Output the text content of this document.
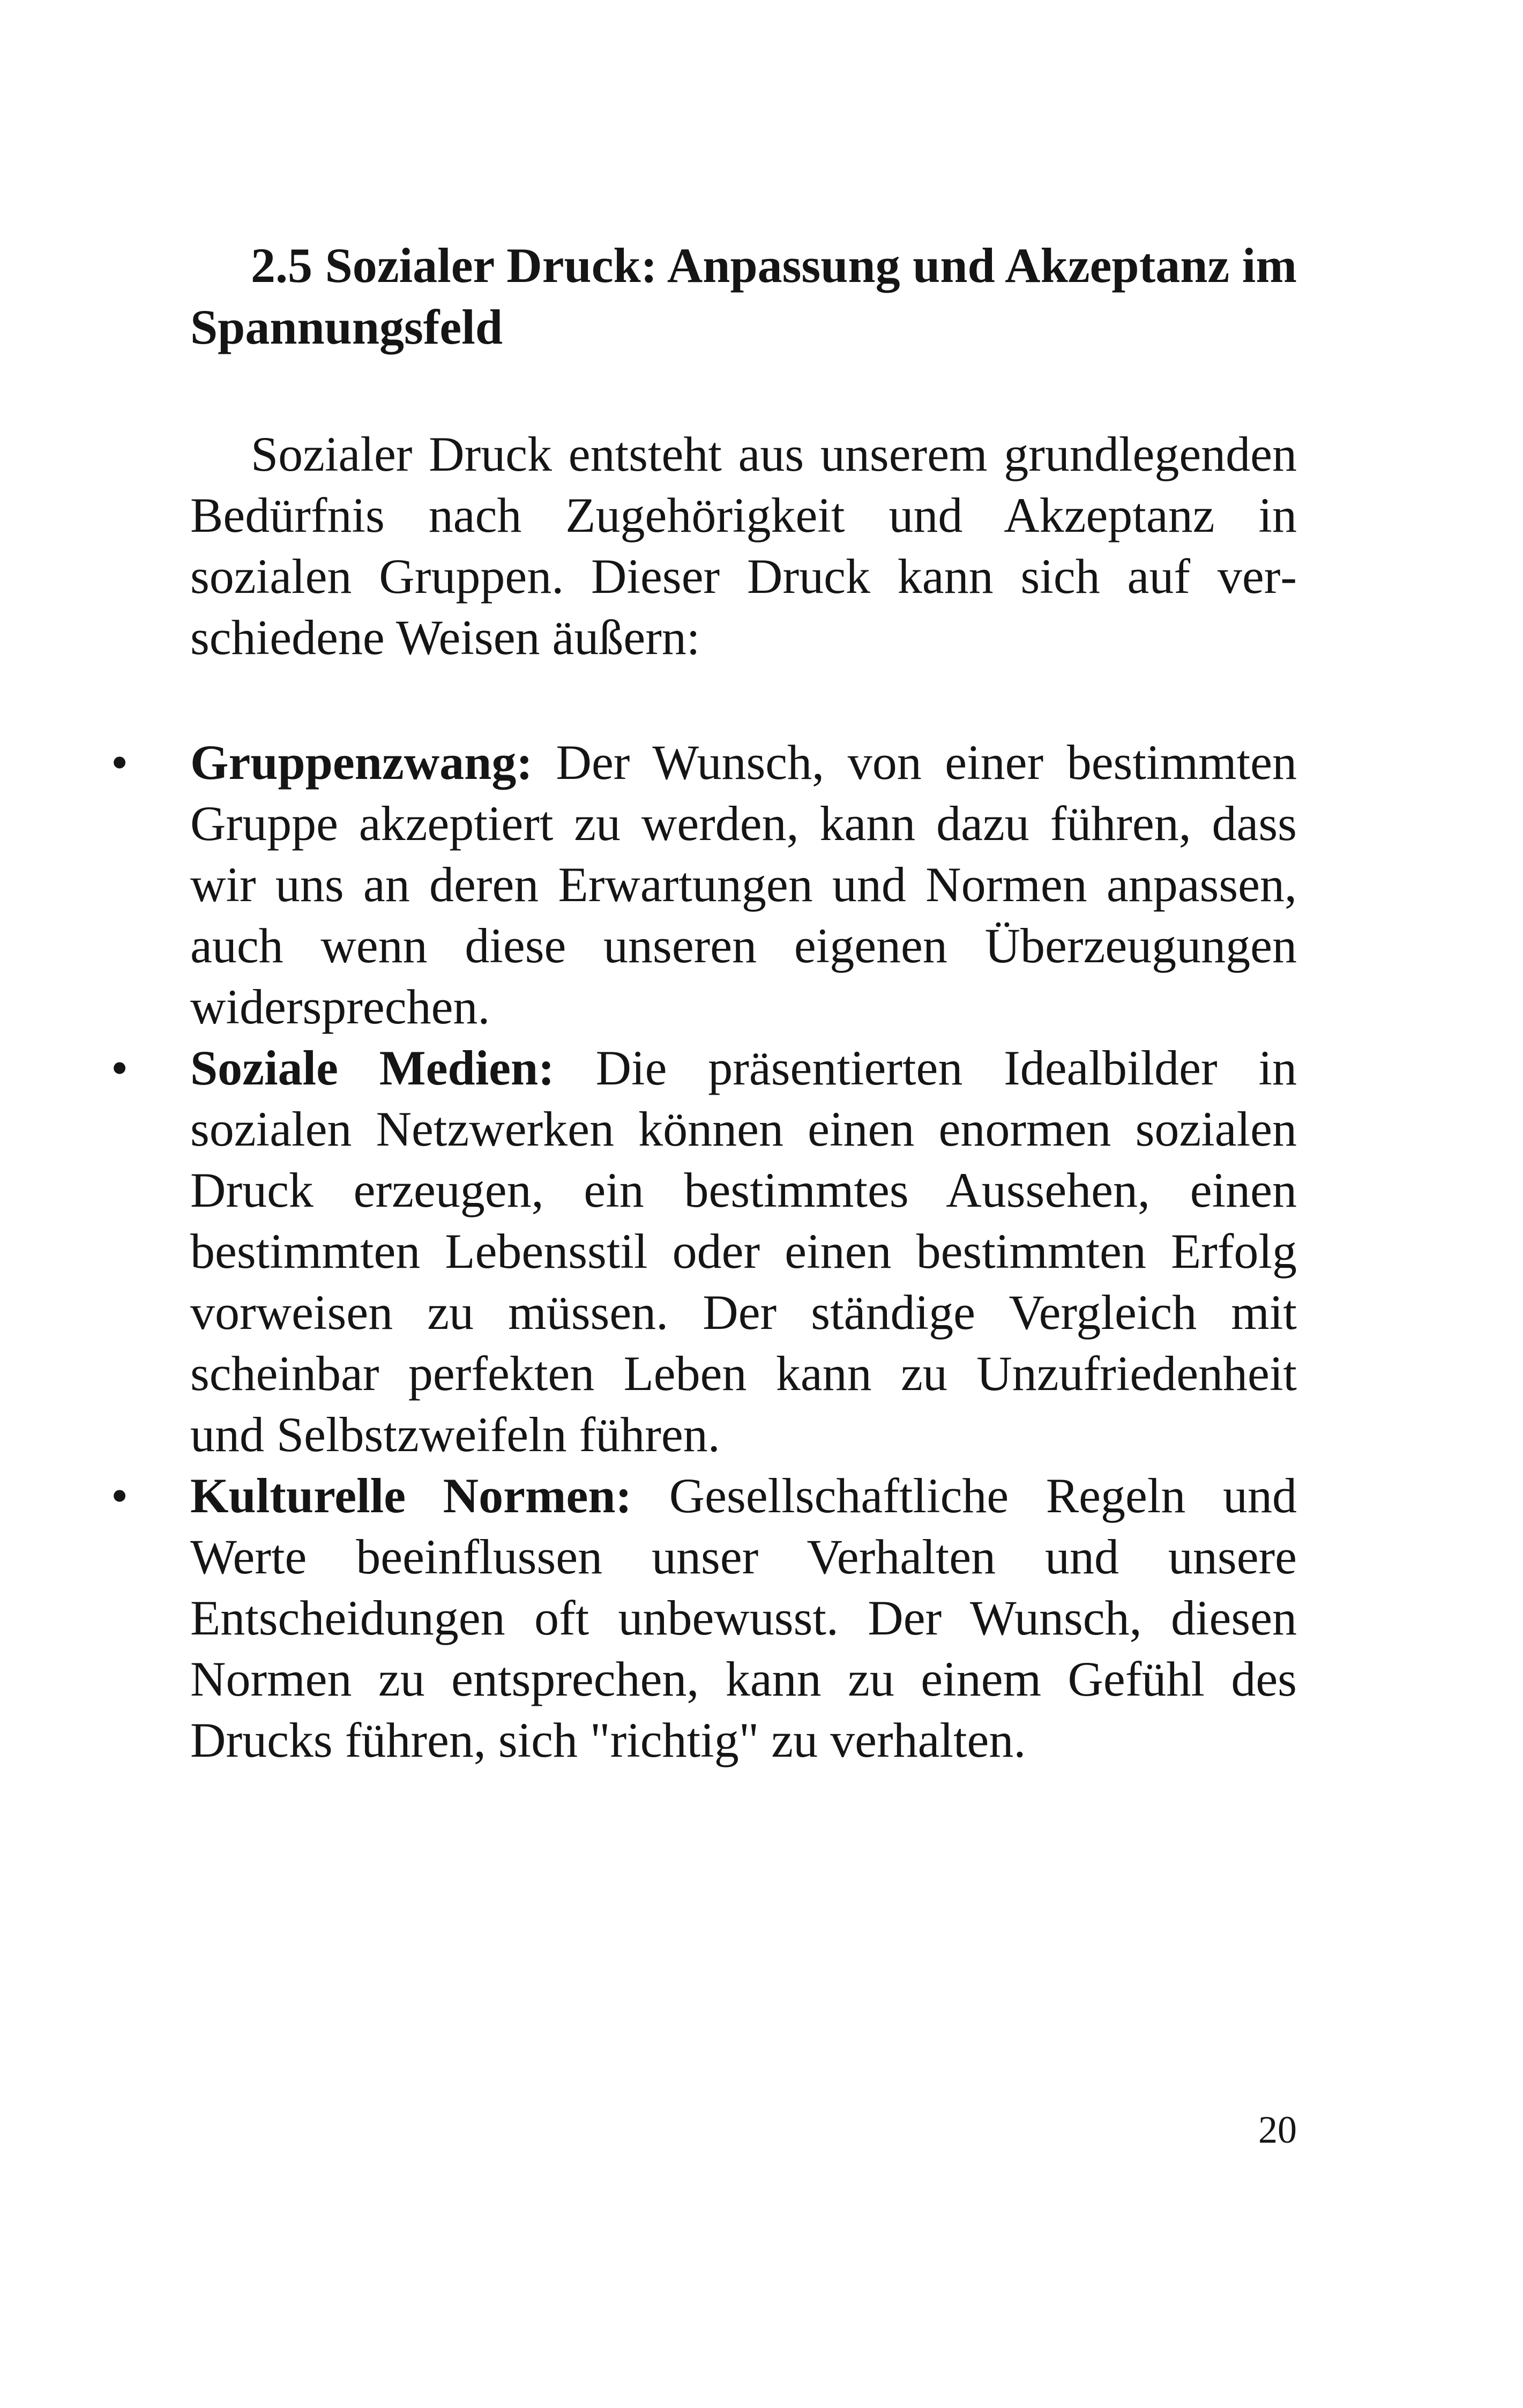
2.5 Sozialer Druck: Anpassung und Akzeptanz im Spannungsfeld

Sozialer Druck entsteht aus unserem grundlegenden Bedürfnis nach Zugehörigkeit und Akzeptanz in sozialen Gruppen. Dieser Druck kann sich auf verschiedene Weisen äußern:

•	Gruppenzwang: Der Wunsch, von einer bestimmten Gruppe akzeptiert zu werden, kann dazu führen, dass wir uns an deren Erwartungen und Normen anpassen, auch wenn diese unseren eigenen Überzeugungen widersprechen.
•	Soziale Medien: Die präsentierten Idealbilder in sozialen Netzwerken können einen enormen sozialen Druck erzeugen, ein bestimmtes Aussehen, einen bestimmten Lebensstil oder einen bestimmten Erfolg vorweisen zu müssen. Der ständige Vergleich mit scheinbar perfekten Leben kann zu Unzufriedenheit und Selbstzweifeln führen.
•	Kulturelle Normen: Gesellschaftliche Regeln und Werte beeinflussen unser Verhalten und unsere Entscheidungen oft unbewusst. Der Wunsch, diesen Normen zu entsprechen, kann zu einem Gefühl des Drucks führen, sich "richtig" zu verhalten.
20
